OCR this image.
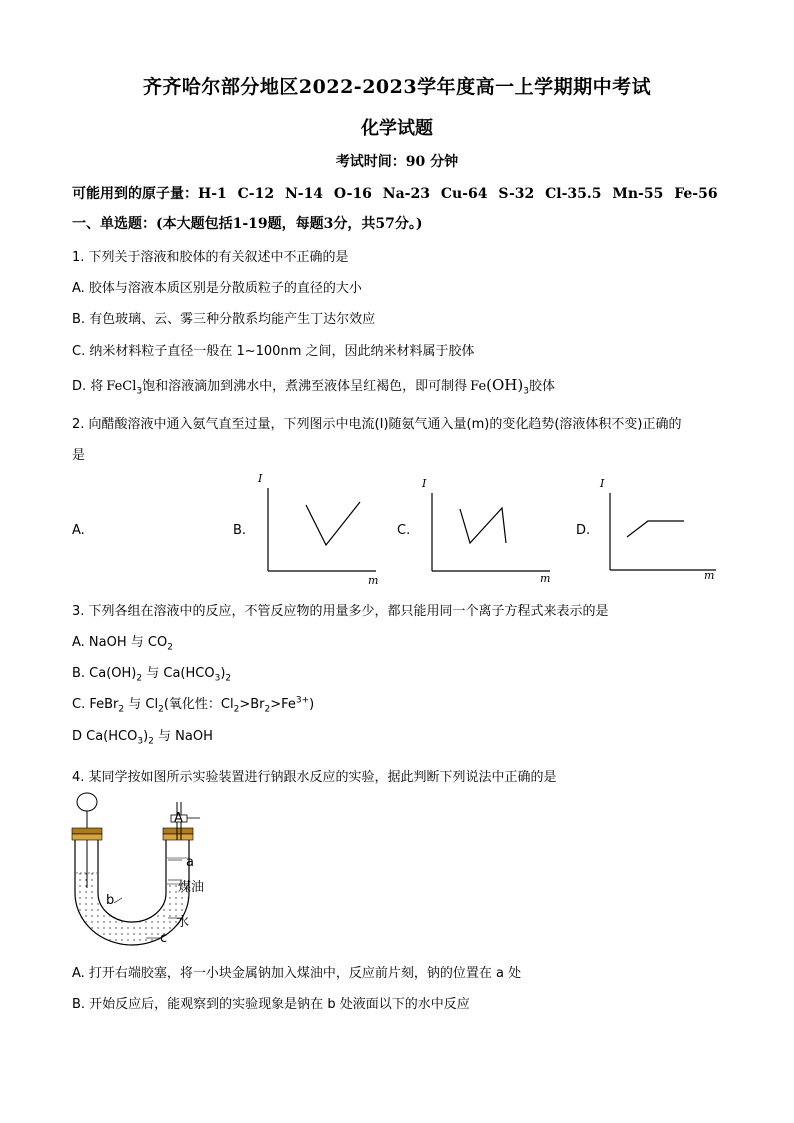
齐齐哈尔部分地区2022-2023学年度高一上学期期中考试
化学试题
考试时间：90 分钟
可能用到的原子量：H-1 C-12 N-14 O-16 Na-23 Cu-64 S-32 Cl-35.5 Mn-55 Fe-56
一、单选题：(本大题包括1-19题，每题3分，共57分。)
1. 下列关于溶液和胶体的有关叙述中不正确的是
A. 胶体与溶液本质区别是分散质粒子的直径的大小
B. 有色玻璃、云、雾三种分散系均能产生丁达尔效应
C. 纳米材料粒子直径一般在 1~100nm 之间，因此纳米材料属于胶体
D. 将 FeCl$_3$饱和溶液滴加到沸水中，煮沸至液体呈红褐色，即可制得 $Fe(OH)_3$胶体
2. 向醋酸溶液中通入氨气直至过量，下列图示中电流(I)随氨气通入量(m)的变化趋势(溶液体积不变)正确的
是
A.	B.	C.	D.
I
m
I
m
I
m
3. 下列各组在溶液中的反应，不管反应物的用量多少，都只能用同一个离子方程式来表示的是
A. NaOH 与 $CO_2$
B. $Ca(OH)_2$ 与 $Ca(HCO_3)_2$
C. FeBr$_2$ 与 $Cl_2$(氧化性：$Cl_2>Br_2>Fe^{3+}$)
D $Ca(HCO_3)_2$ 与 NaOH
4. 某同学按如图所示实验装置进行钠跟水反应的实验，据此判断下列说法中正确的是
A
a
煤油
b
水
c
A. 打开右端胶塞，将一小块金属钠加入煤油中，反应前片刻，钠的位置在 a 处
B. 开始反应后，能观察到的实验现象是钠在 b 处液面以下的水中反应
